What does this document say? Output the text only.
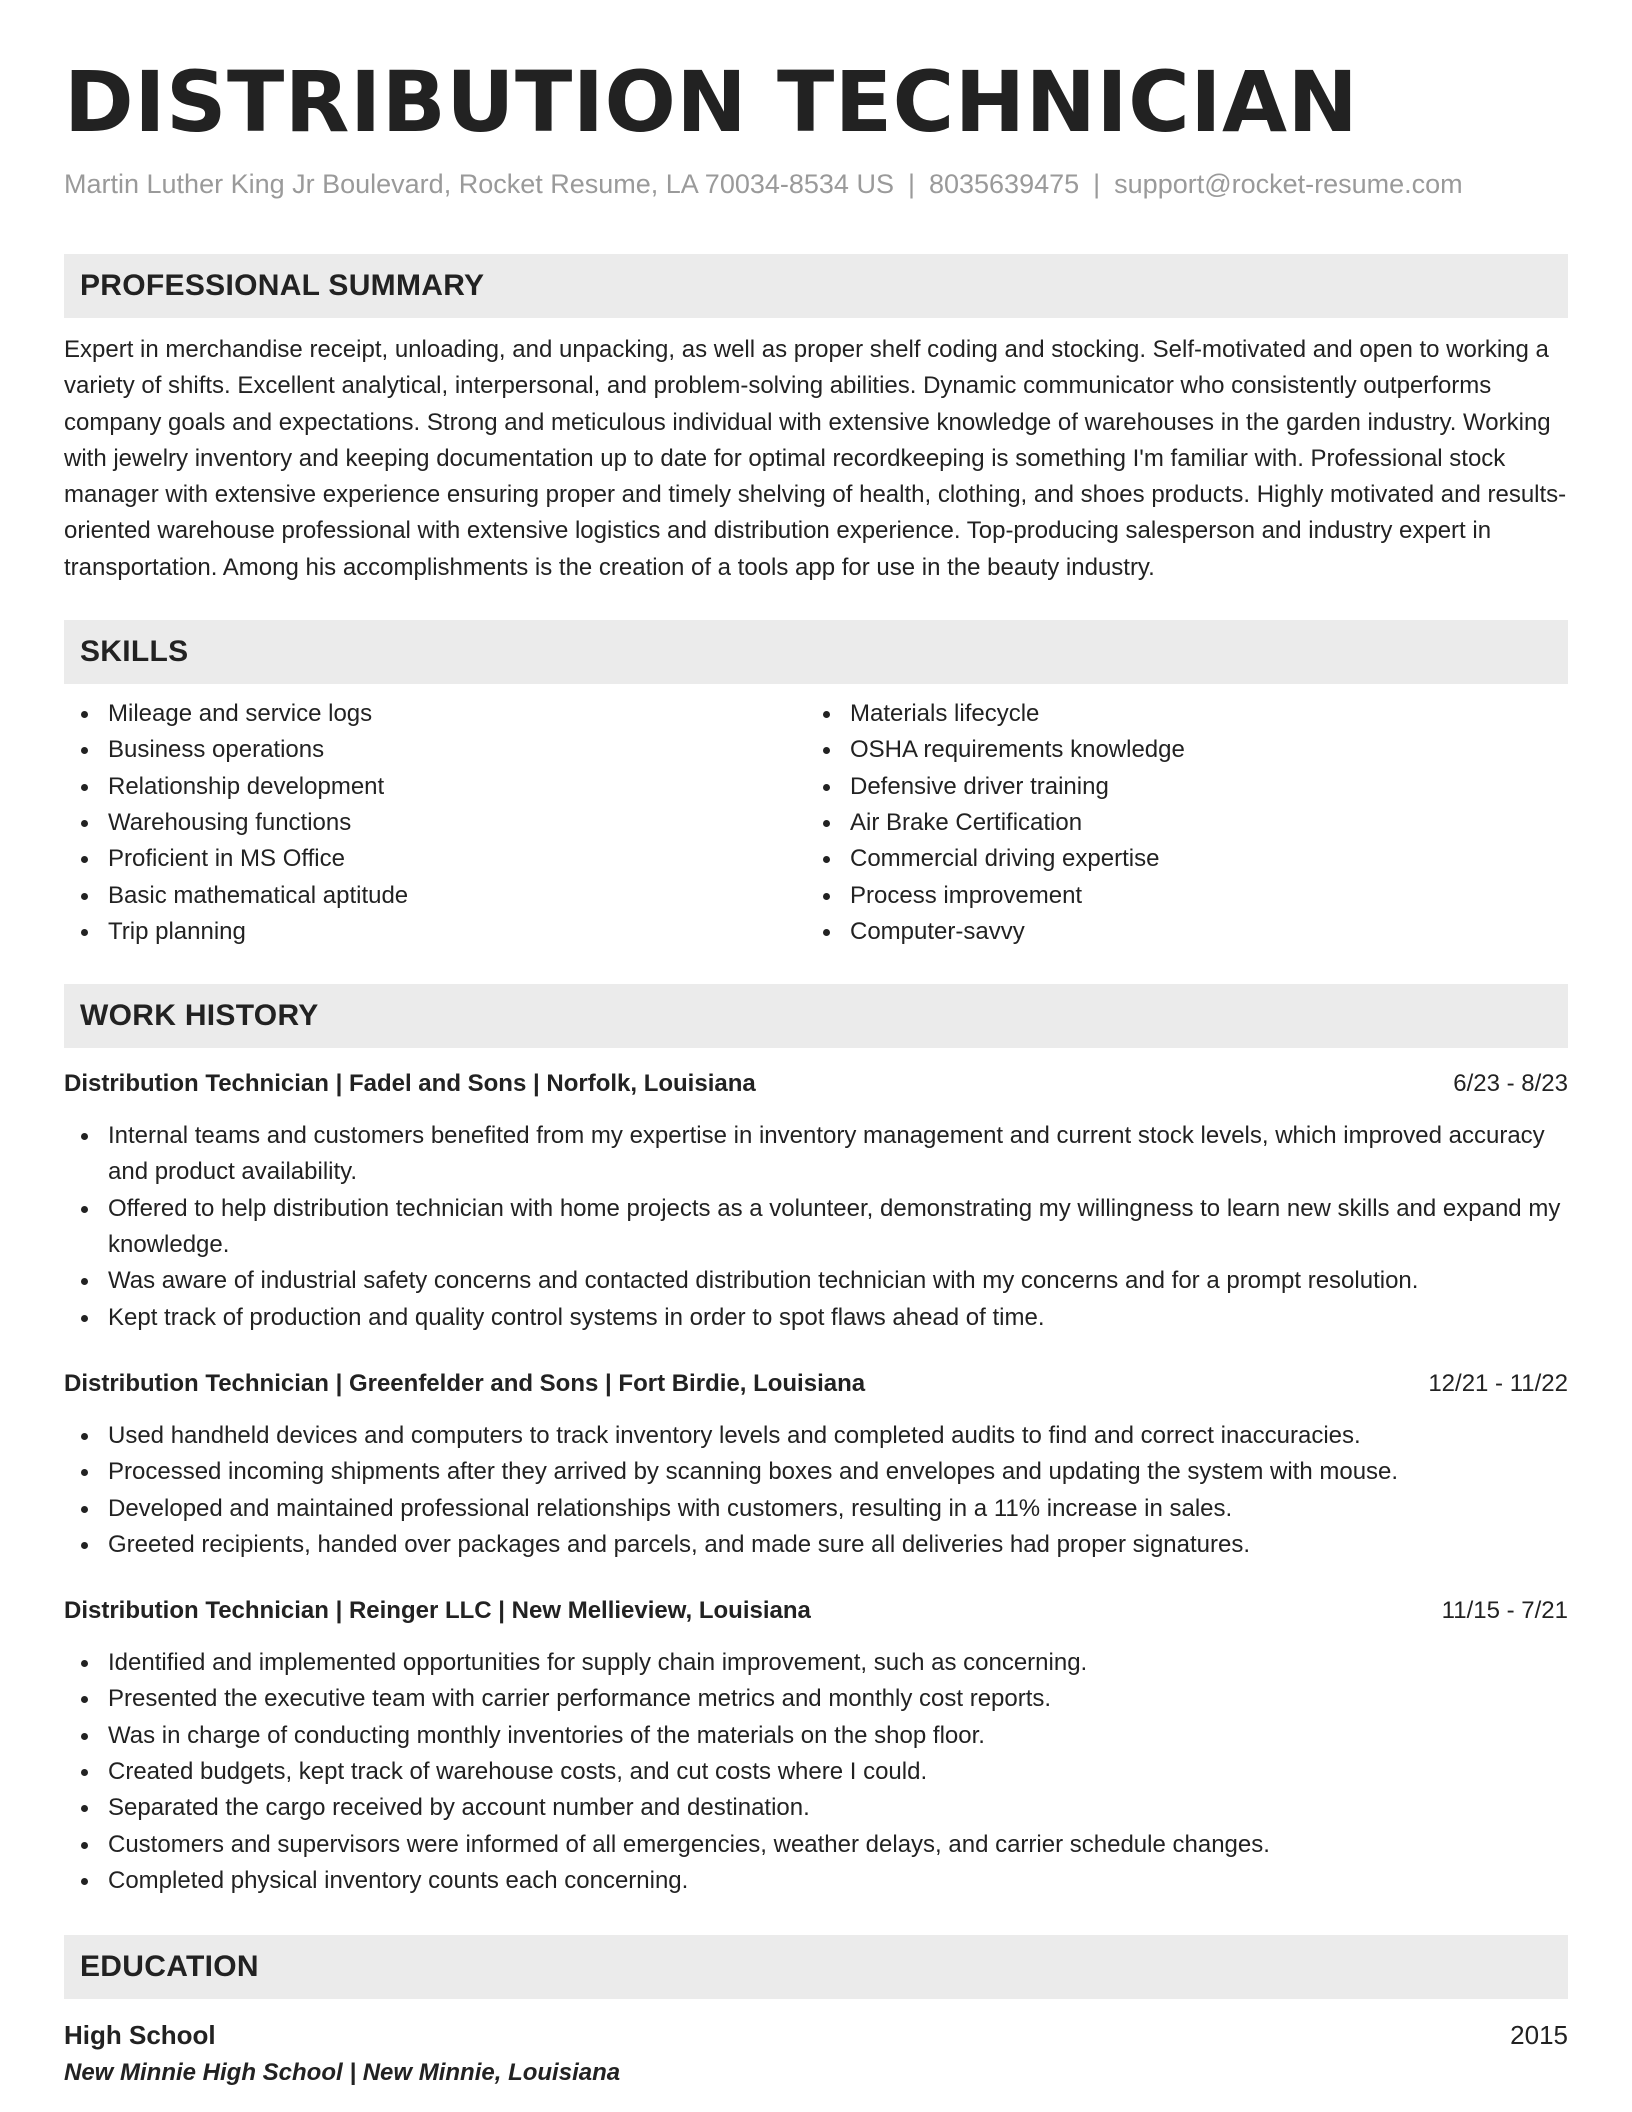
DISTRIBUTION TECHNICIAN
Martin Luther King Jr Boulevard, Rocket Resume, LA 70034-8534 US | 8035639475 | support@rocket-resume.com
PROFESSIONAL SUMMARY
Expert in merchandise receipt, unloading, and unpacking, as well as proper shelf coding and stocking. Self-motivated and open to working a variety of shifts. Excellent analytical, interpersonal, and problem-solving abilities. Dynamic communicator who consistently outperforms company goals and expectations. Strong and meticulous individual with extensive knowledge of warehouses in the garden industry. Working with jewelry inventory and keeping documentation up to date for optimal recordkeeping is something I'm familiar with. Professional stock manager with extensive experience ensuring proper and timely shelving of health, clothing, and shoes products. Highly motivated and results-oriented warehouse professional with extensive logistics and distribution experience. Top-producing salesperson and industry expert in transportation. Among his accomplishments is the creation of a tools app for use in the beauty industry.
SKILLS
Mileage and service logs
Business operations
Relationship development
Warehousing functions
Proficient in MS Office
Basic mathematical aptitude
Trip planning
Materials lifecycle
OSHA requirements knowledge
Defensive driver training
Air Brake Certification
Commercial driving expertise
Process improvement
Computer-savvy
WORK HISTORY
Distribution Technician | Fadel and Sons | Norfolk, Louisiana	6/23 - 8/23
Internal teams and customers benefited from my expertise in inventory management and current stock levels, which improved accuracy and product availability.
Offered to help distribution technician with home projects as a volunteer, demonstrating my willingness to learn new skills and expand my knowledge.
Was aware of industrial safety concerns and contacted distribution technician with my concerns and for a prompt resolution.
Kept track of production and quality control systems in order to spot flaws ahead of time.
Distribution Technician | Greenfelder and Sons | Fort Birdie, Louisiana	12/21 - 11/22
Used handheld devices and computers to track inventory levels and completed audits to find and correct inaccuracies.
Processed incoming shipments after they arrived by scanning boxes and envelopes and updating the system with mouse.
Developed and maintained professional relationships with customers, resulting in a 11% increase in sales.
Greeted recipients, handed over packages and parcels, and made sure all deliveries had proper signatures.
Distribution Technician | Reinger LLC | New Mellieview, Louisiana	11/15 - 7/21
Identified and implemented opportunities for supply chain improvement, such as concerning.
Presented the executive team with carrier performance metrics and monthly cost reports.
Was in charge of conducting monthly inventories of the materials on the shop floor.
Created budgets, kept track of warehouse costs, and cut costs where I could.
Separated the cargo received by account number and destination.
Customers and supervisors were informed of all emergencies, weather delays, and carrier schedule changes.
Completed physical inventory counts each concerning.
EDUCATION
High School	2015
New Minnie High School | New Minnie, Louisiana
